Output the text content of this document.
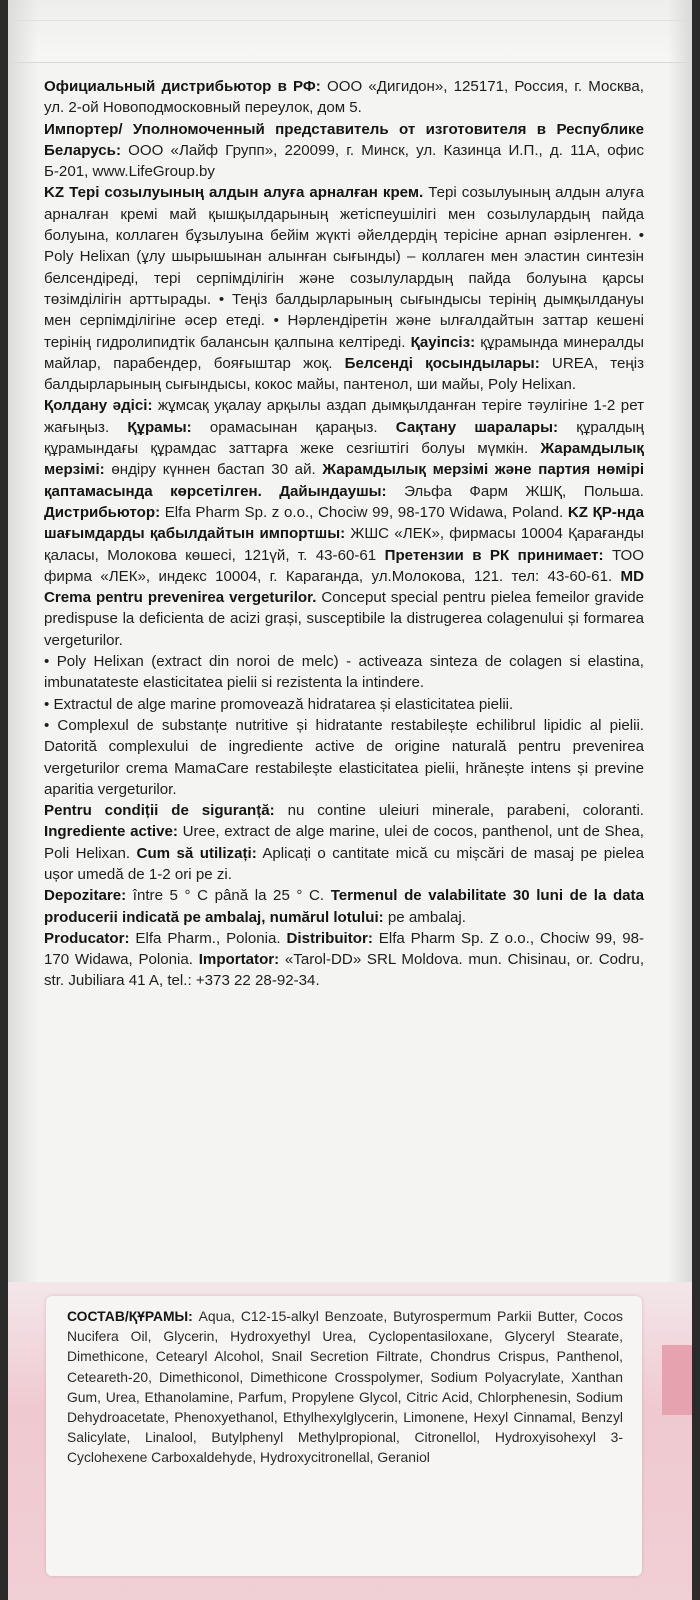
Официальный дистрибьютор в РФ: ООО «Дигидон», 125171, Россия, г. Москва, ул. 2-ой Новоподмосковный переулок, дом 5.

Импортер/ Уполномоченный представитель от изготовителя в Республике Беларусь: ООО «Лайф Групп», 220099, г. Минск, ул. Казинца И.П., д. 11А, офис Б-201, www.LifeGroup.by

KZ Тері созылуының алдын алуға арналған крем. Тері созылуының алдын алуға арналған кремі май қышқылдарының жетіспеушілігі мен созылулардың пайда болуына, коллаген бұзылуына бейім жүкті әйелдердің терісіне арнап әзірленген. • Poly Helixan (ұлу шырышынан алынған сығынды) – коллаген мен эластин синтезін белсендіреді, тері серпімділігін және созылулардың пайда болуына қарсы төзімділігін арттырады. • Теңіз балдырларының сығындысы терінің дымқылдануы мен серпімділігіне әсер етеді. • Нәрлендіретін және ылғалдайтын заттар кешені терінің гидролипидтік балансын қалпына келтіреді. Қауіпсіз: құрамында минералды майлар, парабендер, бояғыштар жоқ. Белсенді қосындылары: UREA, теңіз балдырларының сығындысы, кокос майы, пантенол, ши майы, Poly Helixan.

Қолдану әдісі: жұмсақ уқалау арқылы аздап дымқылданған теріге тәулігіне 1-2 рет жағыңыз. Құрамы: орамасынан қараңыз. Сақтану шаралары: құралдың құрамындағы құрамдас заттарға жеке сезгіштігі болуы мүмкін. Жарамдылық мерзімі: өндіру күннен бастап 30 ай. Жарамдылық мерзімі және партия нөмірі қаптамасында көрсетілген. Дайындаушы: Эльфа Фарм ЖШҚ, Польша. Дистрибьютор: Elfa Pharm Sp. z o.o., Chociw 99, 98-170 Widawa, Poland. KZ ҚР-нда шағымдарды қабылдайтын импортшы: ЖШС «ЛЕК», фирмасы 10004 Қарағанды қаласы, Молокова көшесі, 121үй, т. 43-60-61 Претензии в РК принимает: ТОО фирма «ЛЕК», индекс 10004, г. Караганда, ул.Молокова, 121. тел: 43-60-61. MD Crema pentru prevenirea vergeturilor. Conceput special pentru pielea femeilor gravide predispuse la deficienta de acizi grași, susceptibile la distrugerea colagenului și formarea vergeturilor.

• Poly Helixan (extract din noroi de melc) - activeaza sinteza de colagen si elastina, imbunatateste elasticitatea pielii si rezistenta la intindere.

• Extractul de alge marine promovează hidratarea și elasticitatea pielii.

• Complexul de substanțe nutritive și hidratante restabilește echilibrul lipidic al pielii. Datorită complexului de ingrediente active de origine naturală pentru prevenirea vergeturilor crema MamaCare restabilește elasticitatea pielii, hrănește intens și previne aparitia vergeturilor.

Pentru condiții de siguranță: nu contine uleiuri minerale, parabeni, coloranti. Ingrediente active: Uree, extract de alge marine, ulei de cocos, panthenol, unt de Shea, Poli Helixan. Cum să utilizați: Aplicați o cantitate mică cu mișcări de masaj pe pielea ușor umedă de 1-2 ori pe zi.

Depozitare: între 5 ° C până la 25 ° C. Termenul de valabilitate 30 luni de la data producerii indicată pe ambalaj, numărul lotului: pe ambalaj.

Producator: Elfa Pharm., Polonia. Distribuitor: Elfa Pharm Sp. Z o.o., Chociw 99, 98-170 Widawa, Polonia. Importator: «Tarol-DD» SRL Moldova. mun. Chisinau, or. Codru, str. Jubiliara 41 A, tel.: +373 22 28-92-34.

СОСТАВ/ҚҰРАМЫ: Aqua, C12-15-alkyl Benzoate, Butyrospermum Parkii Butter, Cocos Nucifera Oil, Glycerin, Hydroxyethyl Urea, Cyclopentasiloxane, Glyceryl Stearate, Dimethicone, Cetearyl Alcohol, Snail Secretion Filtrate, Chondrus Crispus, Panthenol, Ceteareth-20, Dimethiconol, Dimethicone Crosspolymer, Sodium Polyacrylate, Xanthan Gum, Urea, Ethanolamine, Parfum, Propylene Glycol, Citric Acid, Chlorphenesin, Sodium Dehydroacetate, Phenoxyethanol, Ethylhexylglycerin, Limonene, Hexyl Cinnamal, Benzyl Salicylate, Linalool, Butylphenyl Methylpropional, Citronellol, Hydroxyisohexyl 3-Cyclohexene Carboxaldehyde, Hydroxycitronellal, Geraniol
